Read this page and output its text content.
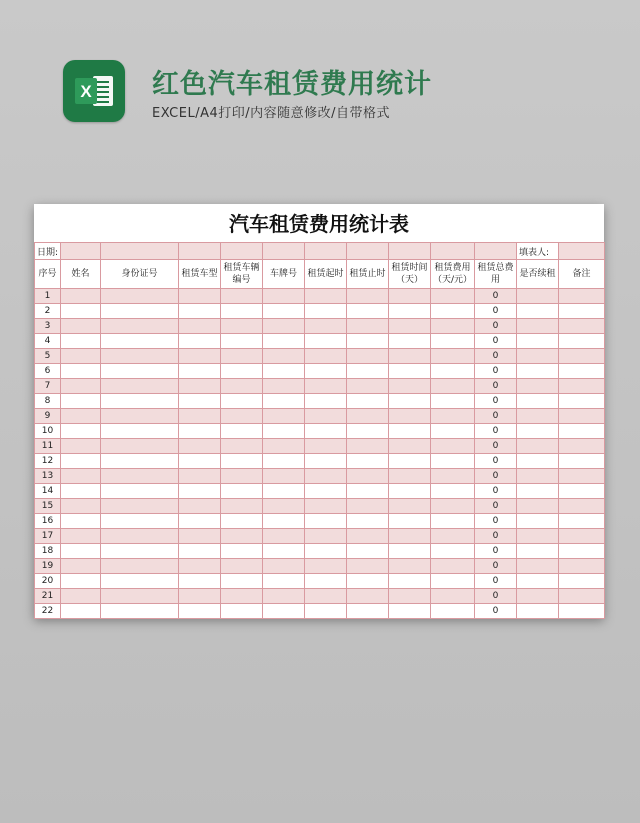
X 红色汽车租赁费用统计
EXCEL/A4打印/内容随意修改/自带格式
汽车租赁费用统计表
日期:											填表人:	
序号	姓名	身份证号	租赁车型	租赁车辆编号	车牌号	租赁起时	租赁止时	租赁时间（天）	租赁费用（天/元）	租赁总费用	是否续租	备注
1										0		
2										0		
3										0		
4										0		
5										0		
6										0		
7										0		
8										0		
9										0		
10										0		
11										0		
12										0		
13										0		
14										0		
15										0		
16										0		
17										0		
18										0		
19										0		
20										0		
21										0		
22										0		
